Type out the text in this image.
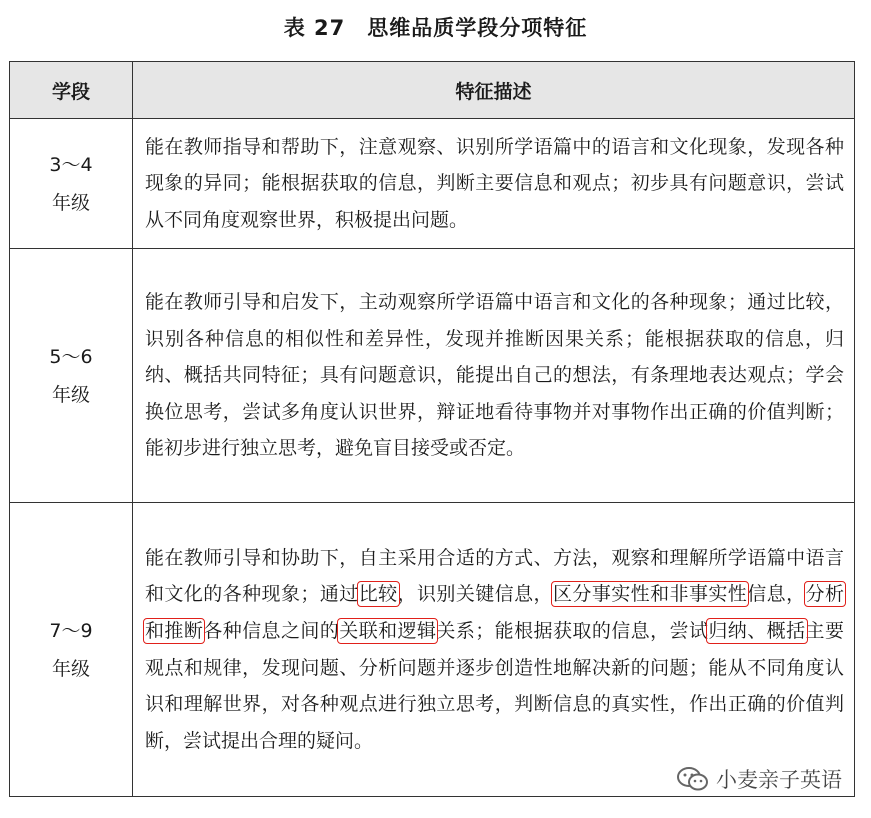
表 27　思维品质学段分项特征
学段	特征描述

3～4
年级	能在教师指导和帮助下，注意观察、识别所学语篇中的语言和文化现象，发现各种现象的异同；能根据获取的信息，判断主要信息和观点；初步具有问题意识，尝试从不同角度观察世界，积极提出问题。

5～6
年级	能在教师引导和启发下，主动观察所学语篇中语言和文化的各种现象；通过比较，识别各种信息的相似性和差异性，发现并推断因果关系；能根据获取的信息，归纳、概括共同特征；具有问题意识，能提出自己的想法，有条理地表达观点；学会换位思考，尝试多角度认识世界，辩证地看待事物并对事物作出正确的价值判断；能初步进行独立思考，避免盲目接受或否定。

7～9
年级	能在教师引导和协助下，自主采用合适的方式、方法，观察和理解所学语篇中语言和文化的各种现象；通过比较，识别关键信息，区分事实性和非事实性信息，分析和推断各种信息之间的关联和逻辑关系；能根据获取的信息，尝试归纳、概括主要观点和规律，发现问题、分析问题并逐步创造性地解决新的问题；能从不同角度认识和理解世界，对各种观点进行独立思考，判断信息的真实性，作出正确的价值判断，尝试提出合理的疑问。
小麦亲子英语
